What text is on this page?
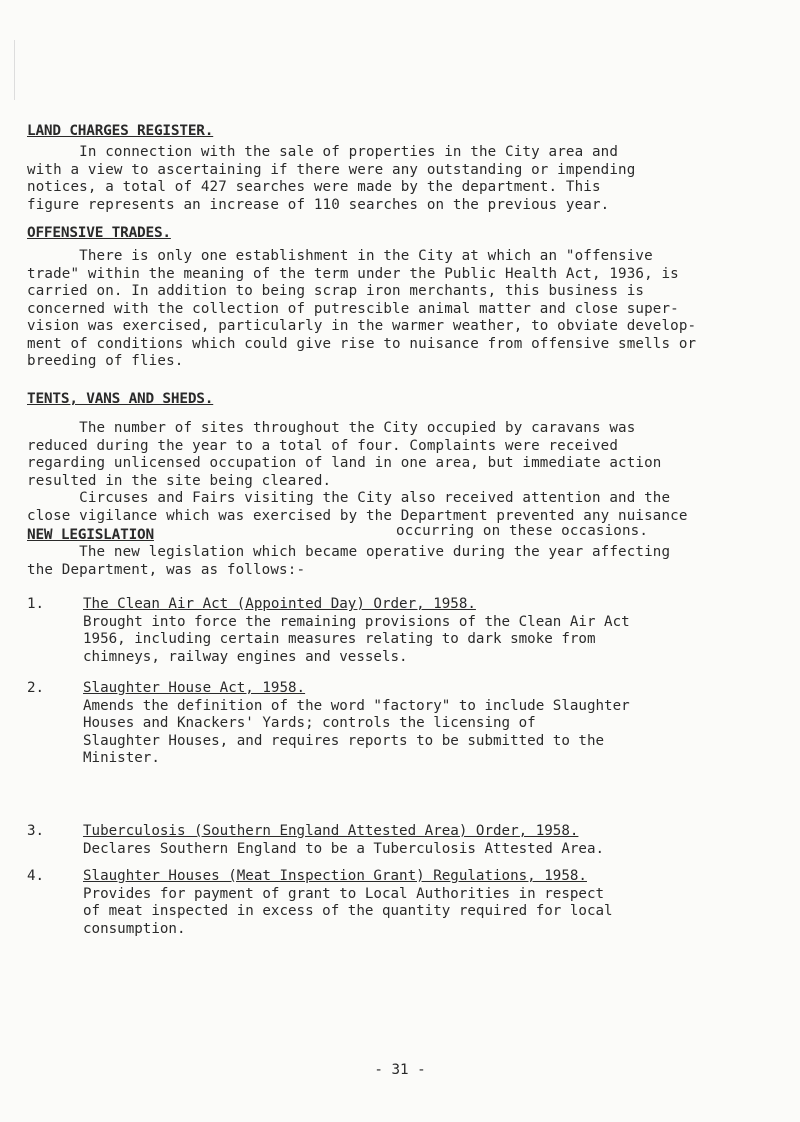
LAND CHARGES REGISTER.

In connection with the sale of properties in the City area and
with a view to ascertaining if there were any outstanding or impending
notices, a total of 427 searches were made by the department. This
figure represents an increase of 110 searches on the previous year.

OFFENSIVE TRADES.

There is only one establishment in the City at which an "offensive
trade" within the meaning of the term under the Public Health Act, 1936, is
carried on. In addition to being scrap iron merchants, this business is
concerned with the collection of putrescible animal matter and close super-
vision was exercised, particularly in the warmer weather, to obviate develop-
ment of conditions which could give rise to nuisance from offensive smells or
breeding of flies.

TENTS, VANS AND SHEDS.

The number of sites throughout the City occupied by caravans was
reduced during the year to a total of four. Complaints were received
regarding unlicensed occupation of land in one area, but immediate action
resulted in the site being cleared.
Circuses and Fairs visiting the City also received attention and the
close vigilance which was exercised by the Department prevented any nuisance

NEW LEGISLATION	occurring on these occasions.

The new legislation which became operative during the year affecting
the Department, was as follows:-

1.	The Clean Air Act (Appointed Day) Order, 1958.
Brought into force the remaining provisions of the Clean Air Act
1956, including certain measures relating to dark smoke from
chimneys, railway engines and vessels.
2.	Slaughter House Act, 1958.
Amends the definition of the word "factory" to include Slaughter
Houses and Knackers' Yards; controls the licensing of
Slaughter Houses, and requires reports to be submitted to the
Minister.
3.	Tuberculosis (Southern England Attested Area) Order, 1958.
Declares Southern England to be a Tuberculosis Attested Area.
4.	Slaughter Houses (Meat Inspection Grant) Regulations, 1958.
Provides for payment of grant to Local Authorities in respect
of meat inspected in excess of the quantity required for local
consumption.
- 31 -
